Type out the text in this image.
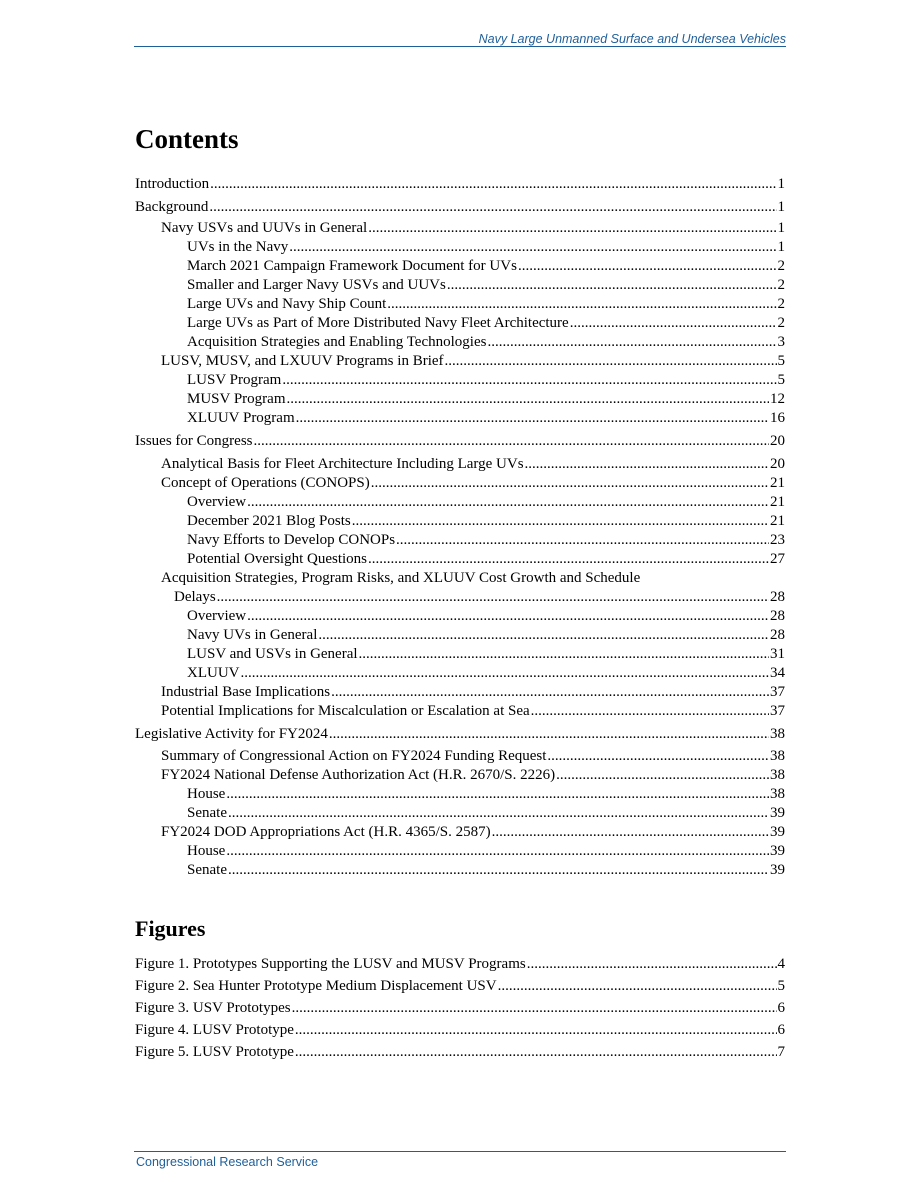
Navy Large Unmanned Surface and Undersea Vehicles
Contents
Introduction .....	1
Background .....	1
Navy USVs and UUVs in General .....	1
UVs in the Navy .....	1
March 2021 Campaign Framework Document for UVs .....	2
Smaller and Larger Navy USVs and UUVs .....	2
Large UVs and Navy Ship Count .....	2
Large UVs as Part of More Distributed Navy Fleet Architecture .....	2
Acquisition Strategies and Enabling Technologies .....	3
LUSV, MUSV, and LXUUV Programs in Brief .....	5
LUSV Program .....	5
MUSV Program .....	12
XLUUV Program .....	16
Issues for Congress .....	20
Analytical Basis for Fleet Architecture Including Large UVs .....	20
Concept of Operations (CONOPS) .....	21
Overview .....	21
December 2021 Blog Posts .....	21
Navy Efforts to Develop CONOPs .....	23
Potential Oversight Questions .....	27
Acquisition Strategies, Program Risks, and XLUUV Cost Growth and Schedule
Delays .....	28
Overview .....	28
Navy UVs in General .....	28
LUSV and USVs in General .....	31
XLUUV .....	34
Industrial Base Implications .....	37
Potential Implications for Miscalculation or Escalation at Sea .....	37
Legislative Activity for FY2024 .....	38
Summary of Congressional Action on FY2024 Funding Request .....	38
FY2024 National Defense Authorization Act (H.R. 2670/S. 2226) .....	38
House .....	38
Senate .....	39
FY2024 DOD Appropriations Act (H.R. 4365/S. 2587) .....	39
House .....	39
Senate .....	39
Figures
Figure 1. Prototypes Supporting the LUSV and MUSV Programs .....	4
Figure 2. Sea Hunter Prototype Medium Displacement USV .....	5
Figure 3. USV Prototypes .....	6
Figure 4. LUSV Prototype .....	6
Figure 5. LUSV Prototype .....	7
Congressional Research Service
